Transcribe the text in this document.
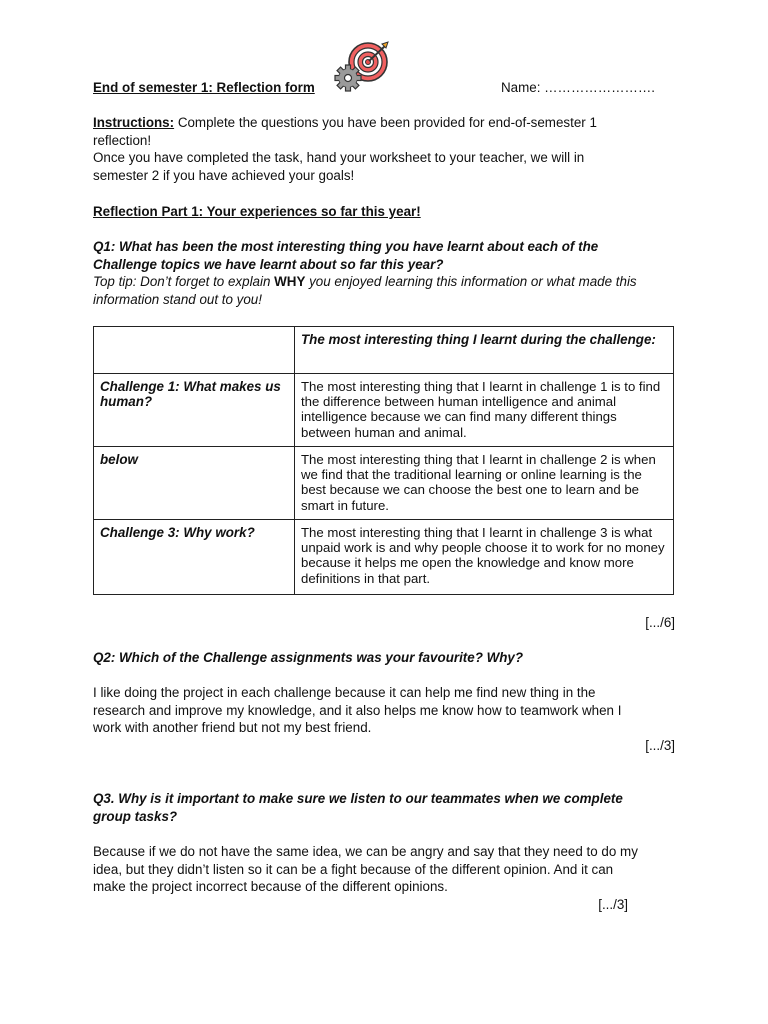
End of semester 1: Reflection form	Name: …………………….
Instructions: Complete the questions you have been provided for end-of-semester 1
reflection!
Once you have completed the task, hand your worksheet to your teacher, we will in
semester 2 if you have achieved your goals!
Reflection Part 1: Your experiences so far this year!
Q1: What has been the most interesting thing you have learnt about each of the
Challenge topics we have learnt about so far this year?
Top tip: Don’t forget to explain WHY you enjoyed learning this information or what made this
information stand out to you!
	The most interesting thing I learnt during the challenge:
Challenge 1: What makes us human?	The most interesting thing that I learnt in challenge 1 is to find the difference between human intelligence and animal intelligence because we can find many different things between human and animal.
below	The most interesting thing that I learnt in challenge 2 is when we find that the traditional learning or online learning is the best because we can choose the best one to learn and be smart in future.
Challenge 3: Why work?	The most interesting thing that I learnt in challenge 3 is what unpaid work is and why people choose it to work for no money because it helps me open the knowledge and know more definitions in that part.
[.../6]
Q2: Which of the Challenge assignments was your favourite? Why?
I like doing the project in each challenge because it can help me find new thing in the
research and improve my knowledge, and it also helps me know how to teamwork when I
work with another friend but not my best friend.
[.../3]
Q3. Why is it important to make sure we listen to our teammates when we complete
group tasks?
Because if we do not have the same idea, we can be angry and say that they need to do my
idea, but they didn’t listen so it can be a fight because of the different opinion. And it can
make the project incorrect because of the different opinions.
[.../3]
